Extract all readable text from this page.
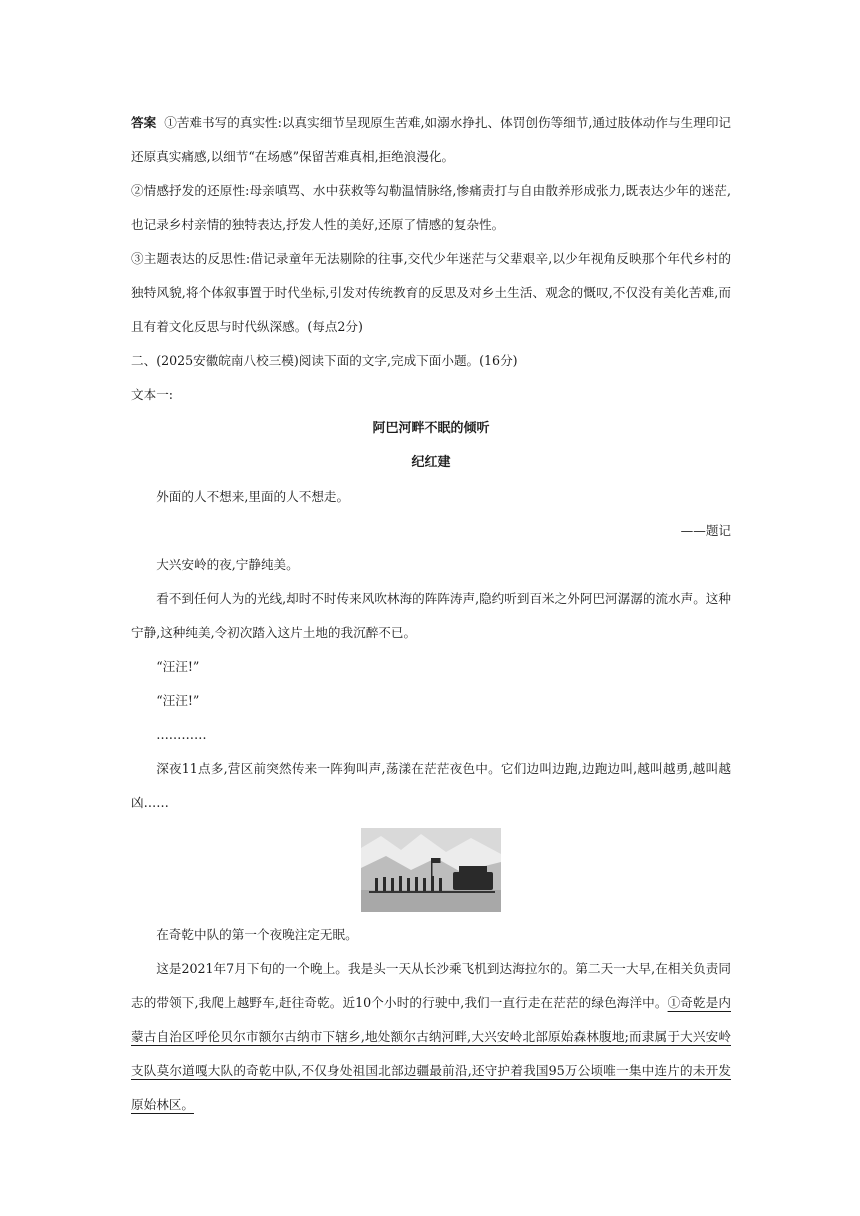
答案 ①苦难书写的真实性:以真实细节呈现原生苦难,如溺水挣扎、体罚创伤等细节,通过肢体动作与生理印记还原真实痛感,以细节“在场感”保留苦难真相,拒绝浪漫化。

②情感抒发的还原性:母亲嗔骂、水中获救等勾勒温情脉络,惨痛责打与自由散养形成张力,既表达少年的迷茫,也记录乡村亲情的独特表达,抒发人性的美好,还原了情感的复杂性。

③主题表达的反思性:借记录童年无法剔除的往事,交代少年迷茫与父辈艰辛,以少年视角反映那个年代乡村的独特风貌,将个体叙事置于时代坐标,引发对传统教育的反思及对乡土生活、观念的慨叹,不仅没有美化苦难,而且有着文化反思与时代纵深感。(每点2分)

二、(2025安徽皖南八校三模)阅读下面的文字,完成下面小题。(16分)

文本一:

阿巴河畔不眠的倾听

纪红建

外面的人不想来,里面的人不想走。

——题记

大兴安岭的夜,宁静纯美。

看不到任何人为的光线,却时不时传来风吹林海的阵阵涛声,隐约听到百米之外阿巴河潺潺的流水声。这种宁静,这种纯美,令初次踏入这片土地的我沉醉不已。

“汪汪!”

“汪汪!”

…………

深夜11点多,营区前突然传来一阵狗叫声,荡漾在茫茫夜色中。它们边叫边跑,边跑边叫,越叫越勇,越叫越凶……

在奇乾中队的第一个夜晚注定无眠。

这是2021年7月下旬的一个晚上。我是头一天从长沙乘飞机到达海拉尔的。第二天一大早,在相关负责同志的带领下,我爬上越野车,赶往奇乾。近10个小时的行驶中,我们一直行走在茫茫的绿色海洋中。①奇乾是内蒙古自治区呼伦贝尔市额尔古纳市下辖乡,地处额尔古纳河畔,大兴安岭北部原始森林腹地;而隶属于大兴安岭支队莫尔道嘎大队的奇乾中队,不仅身处祖国北部边疆最前沿,还守护着我国95万公顷唯一集中连片的未开发原始林区。
